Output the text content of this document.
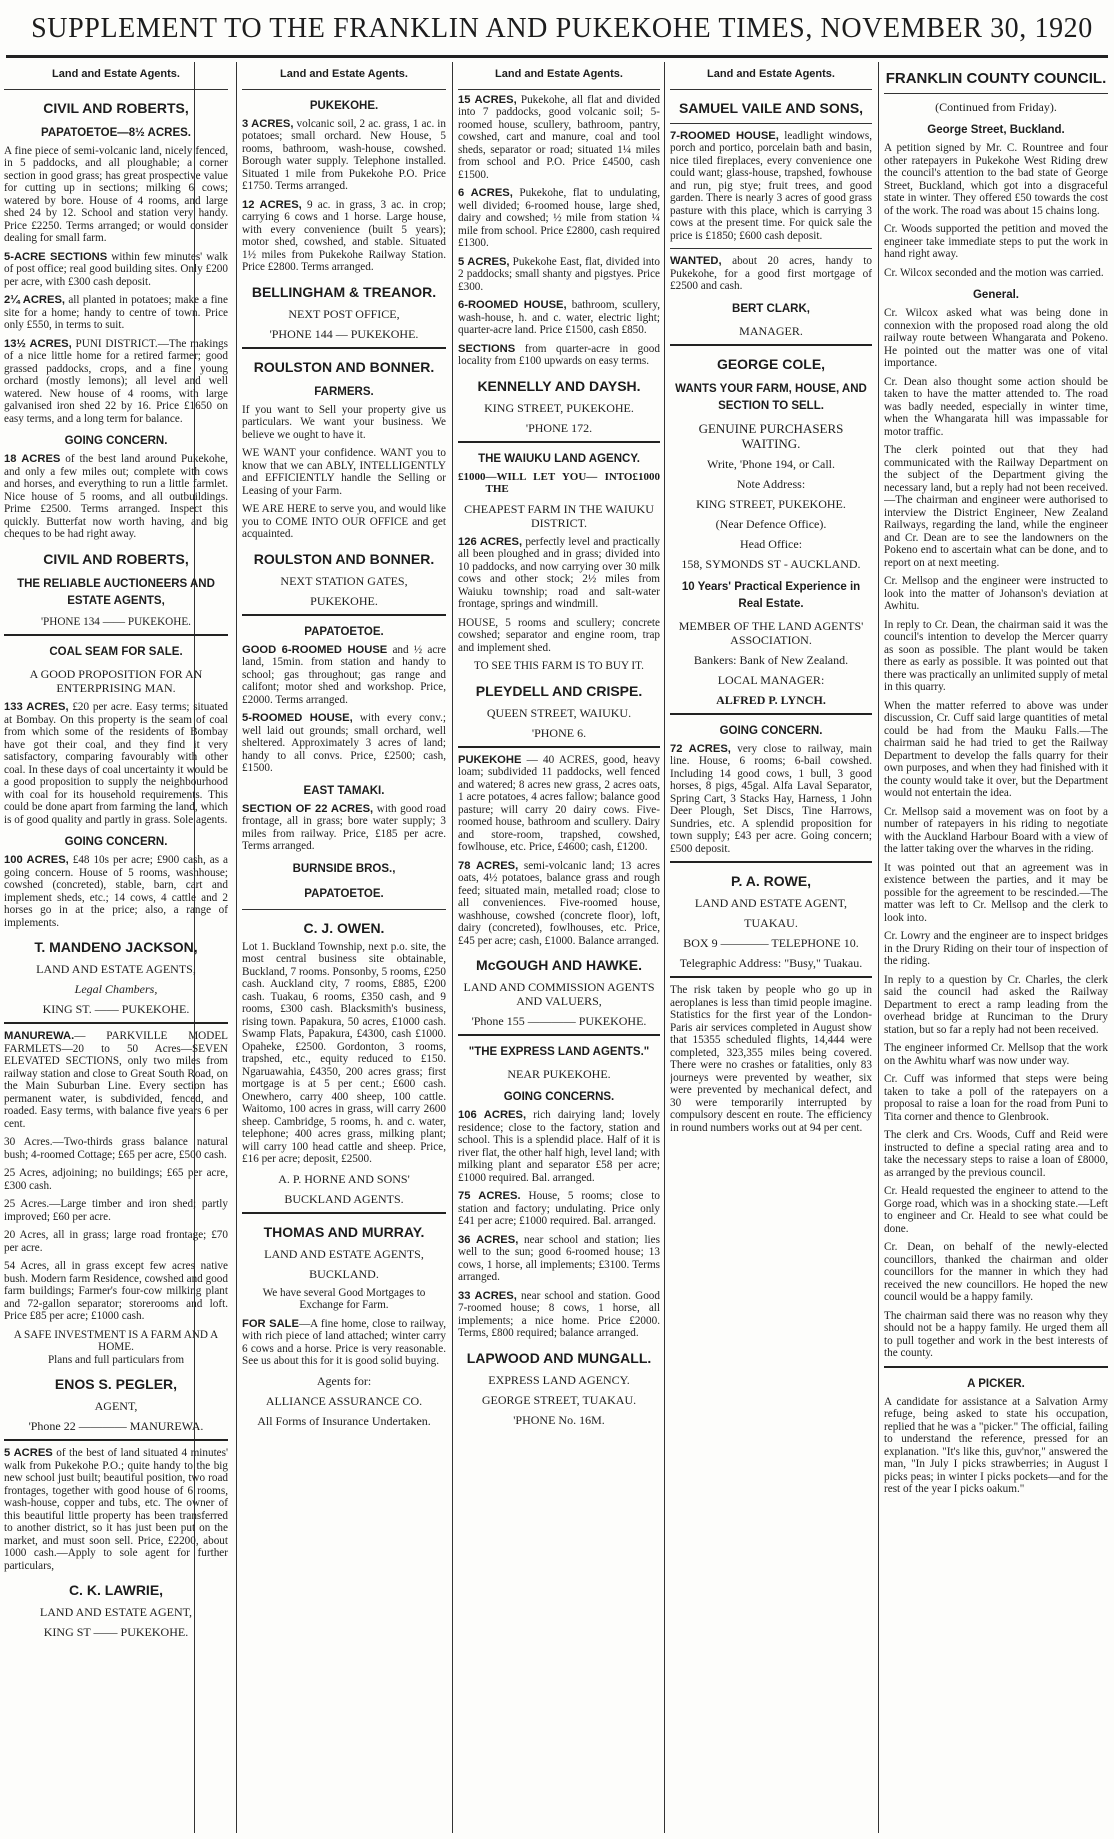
SUPPLEMENT TO THE FRANKLIN AND PUKEKOHE TIMES, NOVEMBER 30, 1920
Land and Estate Agents.
CIVIL AND ROBERTS,
PAPATOETOE—8½ ACRES.

A fine piece of semi-volcanic land, nicely fenced, in 5 paddocks, and all ploughable; a corner section in good grass; has great prospective value for cutting up in sections; milking 6 cows; watered by bore. House of 4 rooms, and large shed 24 by 12. School and station very handy. Price £2250. Terms arranged; or would consider dealing for small farm.

5-ACRE SECTIONS within few minutes' walk of post office; real good building sites. Only £200 per acre, with £300 cash deposit.

2¼ ACRES, all planted in potatoes; make a fine site for a home; handy to centre of town. Price only £550, in terms to suit.

13½ ACRES, PUNI DISTRICT.—The makings of a nice little home for a retired farmer; good grassed paddocks, crops, and a fine young orchard (mostly lemons); all level and well watered. New house of 4 rooms, with large galvanised iron shed 22 by 16. Price £1650 on easy terms, and a long term for balance.

GOING CONCERN.

18 ACRES of the best land around Pukekohe, and only a few miles out; complete with cows and horses, and everything to run a little farmlet. Nice house of 5 rooms, and all outbuildings. Prime £2500. Terms arranged. Inspect this quickly. Butterfat now worth having, and big cheques to be had right away.

CIVIL AND ROBERTS,
THE RELIABLE AUCTIONEERS AND ESTATE AGENTS,
'PHONE 134 —— PUKEKOHE.
COAL SEAM FOR SALE.
A GOOD PROPOSITION FOR AN ENTERPRISING MAN.

133 ACRES, £20 per acre. Easy terms; situated at Bombay. On this property is the seam of coal from which some of the residents of Bombay have got their coal, and they find it very satisfactory, comparing favourably with other coal. In these days of coal uncertainty it would be a good proposition to supply the neighbourhood with coal for its household requirements. This could be done apart from farming the land, which is of good quality and partly in grass. Sole agents.

GOING CONCERN.

100 ACRES, £48 10s per acre; £900 cash, as a going concern. House of 5 rooms, washhouse; cowshed (concreted), stable, barn, cart and implement sheds, etc.; 14 cows, 4 cattle and 2 horses go in at the price; also, a range of implements.

T. MANDENO JACKSON,
LAND AND ESTATE AGENTS,
Legal Chambers,
KING ST. —— PUKEKOHE.

MANUREWA.— PARKVILLE MODEL FARMLETS—20 to 50 Acres—SEVEN ELEVATED SECTIONS, only two miles from railway station and close to Great South Road, on the Main Suburban Line. Every section has permanent water, is subdivided, fenced, and roaded. Easy terms, with balance five years 6 per cent.

30 Acres.—Two-thirds grass balance natural bush; 4-roomed Cottage; £65 per acre, £500 cash.

25 Acres, adjoining; no buildings; £65 per acre, £300 cash.

25 Acres.—Large timber and iron shed; partly improved; £60 per acre.

20 Acres, all in grass; large road frontage; £70 per acre.

54 Acres, all in grass except few acres native bush. Modern farm Residence, cowshed and good farm buildings; Farmer's four-cow milking plant and 72-gallon separator; storerooms and loft. Price £85 per acre; £1000 cash.

A SAFE INVESTMENT IS A FARM AND A HOME.
Plans and full particulars from
ENOS S. PEGLER,
AGENT,
'Phone 22 ———— MANUREWA.

5 ACRES of the best of land situated 4 minutes' walk from Pukekohe P.O.; quite handy to the big new school just built; beautiful position, two road frontages, together with good house of 6 rooms, wash-house, copper and tubs, etc. The owner of this beautiful little property has been transferred to another district, so it has just been put on the market, and must soon sell. Price, £2200, about 1000 cash.—Apply to sole agent for further particulars,

C. K. LAWRIE,
LAND AND ESTATE AGENT,
KING ST —— PUKEKOHE.
Land and Estate Agents.
PUKEKOHE.

3 ACRES, volcanic soil, 2 ac. grass, 1 ac. in potatoes; small orchard. New House, 5 rooms, bathroom, wash-house, cowshed. Borough water supply. Telephone installed. Situated 1 mile from Pukekohe P.O. Price £1750. Terms arranged.

12 ACRES, 9 ac. in grass, 3 ac. in crop; carrying 6 cows and 1 horse. Large house, with every convenience (built 5 years); motor shed, cowshed, and stable. Situated 1½ miles from Pukekohe Railway Station. Price £2800. Terms arranged.

BELLINGHAM & TREANOR.
NEXT POST OFFICE,
'PHONE 144 — PUKEKOHE.
ROULSTON AND BONNER.
FARMERS.

If you want to Sell your property give us particulars. We want your business. We believe we ought to have it.

WE WANT your confidence. WANT you to know that we can ABLY, INTELLIGENTLY and EFFICIENTLY handle the Selling or Leasing of your Farm.

WE ARE HERE to serve you, and would like you to COME INTO OUR OFFICE and get acquainted.

ROULSTON AND BONNER.
NEXT STATION GATES,
PUKEKOHE.
PAPATOETOE.

GOOD 6-ROOMED HOUSE and ½ acre land, 15min. from station and handy to school; gas throughout; gas range and califont; motor shed and workshop. Price, £2000. Terms arranged.

5-ROOMED HOUSE, with every conv.; well laid out grounds; small orchard, well sheltered. Approximately 3 acres of land; handy to all convs. Price, £2500; cash, £1500.

EAST TAMAKI.

SECTION OF 22 ACRES, with good road frontage, all in grass; bore water supply; 3 miles from railway. Price, £185 per acre. Terms arranged.

BURNSIDE BROS.,
PAPATOETOE.
C. J. OWEN.

Lot 1. Buckland Township, next p.o. site, the most central business site obtainable, Buckland, 7 rooms. Ponsonby, 5 rooms, £250 cash. Auckland city, 7 rooms, £885, £200 cash. Tuakau, 6 rooms, £350 cash, and 9 rooms, £300 cash. Blacksmith's business, rising town. Papakura, 50 acres, £1000 cash. Swamp Flats, Papakura, £4300, cash £1000. Opaheke, £2500. Gordonton, 3 rooms, trapshed, etc., equity reduced to £150. Ngaruawahia, £4350, 200 acres grass; first mortgage is at 5 per cent.; £600 cash. Onewhero, carry 400 sheep, 100 cattle. Waitomo, 100 acres in grass, will carry 2600 sheep. Cambridge, 5 rooms, h. and c. water, telephone; 400 acres grass, milking plant; will carry 100 head cattle and sheep. Price, £16 per acre; deposit, £2500.

A. P. HORNE AND SONS'
BUCKLAND AGENTS.
THOMAS AND MURRAY.
LAND AND ESTATE AGENTS,
BUCKLAND.

We have several Good Mortgages to Exchange for Farm.

FOR SALE—A fine home, close to railway, with rich piece of land attached; winter carry 6 cows and a horse. Price is very reasonable. See us about this for it is good solid buying.

Agents for:
ALLIANCE ASSURANCE CO.
All Forms of Insurance Undertaken.
Land and Estate Agents.

15 ACRES, Pukekohe, all flat and divided into 7 paddocks, good volcanic soil; 5-roomed house, scullery, bathroom, pantry, cowshed, cart and manure, coal and tool sheds, separator or road; situated 1¼ miles from school and P.O. Price £4500, cash £1500.

6 ACRES, Pukekohe, flat to undulating, well divided; 6-roomed house, large shed, dairy and cowshed; ½ mile from station ¼ mile from school. Price £2800, cash required £1300.

5 ACRES, Pukekohe East, flat, divided into 2 paddocks; small shanty and pigstyes. Price £300.

6-ROOMED HOUSE, bathroom, scullery, wash-house, h. and c. water, electric light; quarter-acre land. Price £1500, cash £850.

SECTIONS from quarter-acre in good locality from £100 upwards on easy terms.

KENNELLY AND DAYSH.
KING STREET, PUKEKOHE.
'PHONE 172.
THE WAIUKU LAND AGENCY.
£1000 —WILL LET YOU— INTO THE
£1000
CHEAPEST FARM IN THE WAIUKU DISTRICT.

126 ACRES, perfectly level and practically all been ploughed and in grass; divided into 10 paddocks, and now carrying over 30 milk cows and other stock; 2½ miles from Waiuku township; road and salt-water frontage, springs and windmill.

HOUSE, 5 rooms and scullery; concrete cowshed; separator and engine room, trap and implement shed.

TO SEE THIS FARM IS TO BUY IT.
PLEYDELL AND CRISPE.
QUEEN STREET, WAIUKU.
'PHONE 6.

PUKEKOHE — 40 ACRES, good, heavy loam; subdivided 11 paddocks, well fenced and watered; 8 acres new grass, 2 acres oats, 1 acre potatoes, 4 acres fallow; balance good pasture; will carry 20 dairy cows. Five-roomed house, bathroom and scullery. Dairy and store-room, trapshed, cowshed, fowlhouse, etc. Price, £4600; cash, £1200.

78 ACRES, semi-volcanic land; 13 acres oats, 4½ potatoes, balance grass and rough feed; situated main, metalled road; close to all conveniences. Five-roomed house, washhouse, cowshed (concrete floor), loft, dairy (concreted), fowlhouses, etc. Price, £45 per acre; cash, £1000. Balance arranged.

McGOUGH AND HAWKE.
LAND AND COMMISSION AGENTS AND VALUERS,
'Phone 155 ———— PUKEKOHE.
"THE EXPRESS LAND AGENTS."
NEAR PUKEKOHE.
GOING CONCERNS.

106 ACRES, rich dairying land; lovely residence; close to the factory, station and school. This is a splendid place. Half of it is river flat, the other half high, level land; with milking plant and separator £58 per acre; £1000 required. Bal. arranged.

75 ACRES. House, 5 rooms; close to station and factory; undulating. Price only £41 per acre; £1000 required. Bal. arranged.

36 ACRES, near school and station; lies well to the sun; good 6-roomed house; 13 cows, 1 horse, all implements; £3100. Terms arranged.

33 ACRES, near school and station. Good 7-roomed house; 8 cows, 1 horse, all implements; a nice home. Price £2000. Terms, £800 required; balance arranged.

LAPWOOD AND MUNGALL.
EXPRESS LAND AGENCY.
GEORGE STREET, TUAKAU.
'PHONE No. 16M.
Land and Estate Agents.
SAMUEL VAILE AND SONS,

7-ROOMED HOUSE, leadlight windows, porch and portico, porcelain bath and basin, nice tiled fireplaces, every convenience one could want; glass-house, trapshed, fowhouse and run, pig stye; fruit trees, and good garden. There is nearly 3 acres of good grass pasture with this place, which is carrying 3 cows at the present time. For quick sale the price is £1850; £600 cash deposit.

WANTED, about 20 acres, handy to Pukekohe, for a good first mortgage of £2500 and cash.

BERT CLARK,
MANAGER.
GEORGE COLE,
WANTS YOUR FARM, HOUSE, AND SECTION TO SELL.
GENUINE PURCHASERS WAITING.
Write, 'Phone 194, or Call.
Note Address:
KING STREET, PUKEKOHE.
(Near Defence Office).
Head Office:
158, SYMONDS ST - AUCKLAND.
10 Years' Practical Experience in Real Estate.
MEMBER OF THE LAND AGENTS' ASSOCIATION.
Bankers: Bank of New Zealand.
LOCAL MANAGER:
ALFRED P. LYNCH.
GOING CONCERN.

72 ACRES, very close to railway, main line. House, 6 rooms; 6-bail cowshed. Including 14 good cows, 1 bull, 3 good horses, 8 pigs, 45gal. Alfa Laval Separator, Spring Cart, 3 Stacks Hay, Harness, 1 John Deer Plough, Set Discs, Tine Harrows, Sundries, etc. A splendid proposition for town supply; £43 per acre. Going concern; £500 deposit.

P. A. ROWE,
LAND AND ESTATE AGENT,
TUAKAU.
BOX 9 ———— TELEPHONE 10.
Telegraphic Address: "Busy," Tuakau.

The risk taken by people who go up in aeroplanes is less than timid people imagine. Statistics for the first year of the London-Paris air services completed in August show that 15355 scheduled flights, 14,444 were completed, 323,355 miles being covered. There were no crashes or fatalities, only 83 journeys were prevented by weather, six were prevented by mechanical defect, and 30 were temporarily interrupted by compulsory descent en route. The efficiency in round numbers works out at 94 per cent.

FRANKLIN COUNTY COUNCIL.
(Continued from Friday).
George Street, Buckland.

A petition signed by Mr. C. Rountree and four other ratepayers in Pukekohe West Riding drew the council's attention to the bad state of George Street, Buckland, which got into a disgraceful state in winter. They offered £50 towards the cost of the work. The road was about 15 chains long.

Cr. Woods supported the petition and moved the engineer take immediate steps to put the work in hand right away.

Cr. Wilcox seconded and the motion was carried.

General.

Cr. Wilcox asked what was being done in connexion with the proposed road along the old railway route between Whangarata and Pokeno. He pointed out the matter was one of vital importance.

Cr. Dean also thought some action should be taken to have the matter attended to. The road was badly needed, especially in winter time, when the Whangarata hill was impassable for motor traffic.

The clerk pointed out that they had communicated with the Railway Department on the subject of the Department giving the necessary land, but a reply had not been received.—The chairman and engineer were authorised to interview the District Engineer, New Zealand Railways, regarding the land, while the engineer and Cr. Dean are to see the landowners on the Pokeno end to ascertain what can be done, and to report on at next meeting.

Cr. Mellsop and the engineer were instructed to look into the matter of Johanson's deviation at Awhitu.

In reply to Cr. Dean, the chairman said it was the council's intention to develop the Mercer quarry as soon as possible. The plant would be taken there as early as possible. It was pointed out that there was practically an unlimited supply of metal in this quarry.

When the matter referred to above was under discussion, Cr. Cuff said large quantities of metal could be had from the Mauku Falls.—The chairman said he had tried to get the Railway Department to develop the falls quarry for their own purposes, and when they had finished with it the county would take it over, but the Department would not entertain the idea.

Cr. Mellsop said a movement was on foot by a number of ratepayers in his riding to negotiate with the Auckland Harbour Board with a view of the latter taking over the wharves in the riding.

It was pointed out that an agreement was in existence between the parties, and it may be possible for the agreement to be rescinded.—The matter was left to Cr. Mellsop and the clerk to look into.

Cr. Lowry and the engineer are to inspect bridges in the Drury Riding on their tour of inspection of the riding.

In reply to a question by Cr. Charles, the clerk said the council had asked the Railway Department to erect a ramp leading from the overhead bridge at Runciman to the Drury station, but so far a reply had not been received.

The engineer informed Cr. Mellsop that the work on the Awhitu wharf was now under way.

Cr. Cuff was informed that steps were being taken to take a poll of the ratepayers on a proposal to raise a loan for the road from Puni to Tita corner and thence to Glenbrook.

The clerk and Crs. Woods, Cuff and Reid were instructed to define a special rating area and to take the necessary steps to raise a loan of £8000, as arranged by the previous council.

Cr. Heald requested the engineer to attend to the Gorge road, which was in a shocking state.—Left to engineer and Cr. Heald to see what could be done.

Cr. Dean, on behalf of the newly-elected councillors, thanked the chairman and older councillors for the manner in which they had received the new councillors. He hoped the new council would be a happy family.

The chairman said there was no reason why they should not be a happy family. He urged them all to pull together and work in the best interests of the county.

A PICKER.

A candidate for assistance at a Salvation Army refuge, being asked to state his occupation, replied that he was a "picker." The official, failing to understand the reference, pressed for an explanation. "It's like this, guv'nor," answered the man, "In July I picks strawberries; in August I picks peas; in winter I picks pockets—and for the rest of the year I picks oakum."
